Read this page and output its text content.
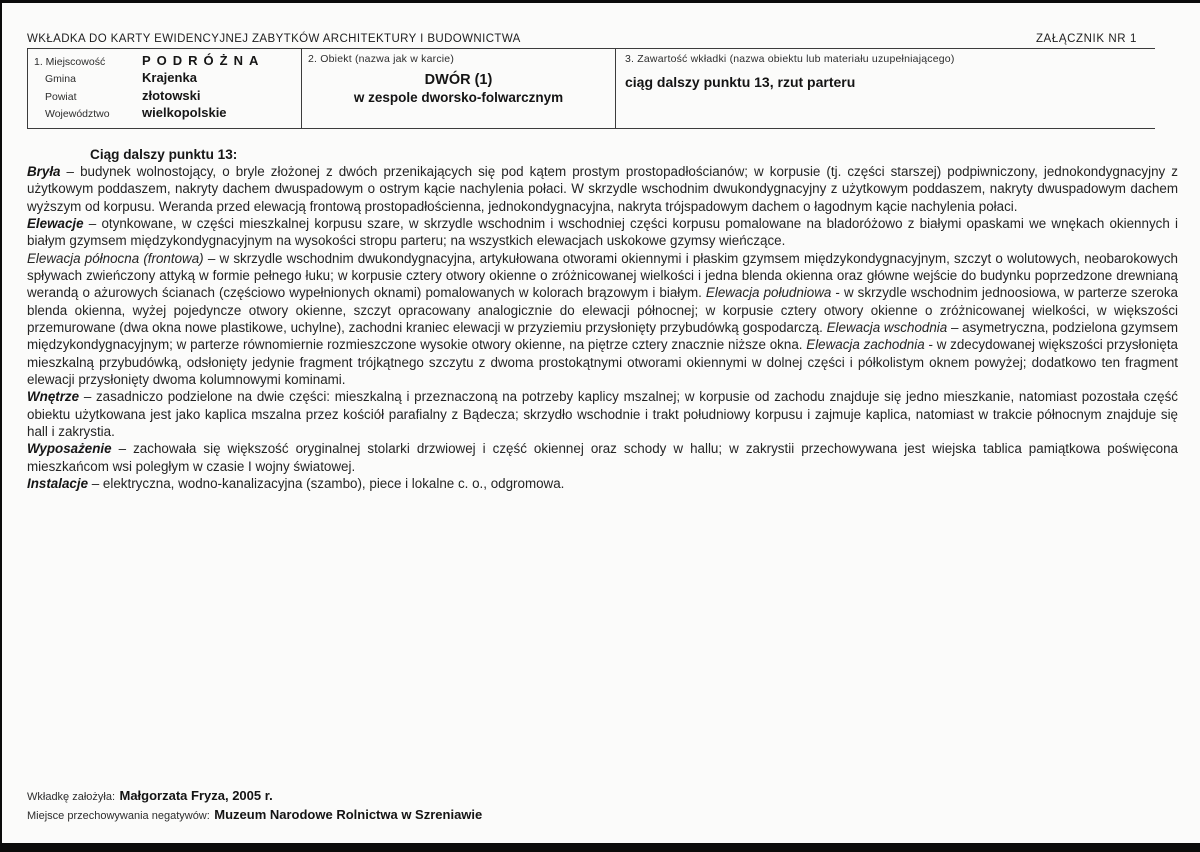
WKŁADKA DO KARTY EWIDENCYJNEJ ZABYTKÓW ARCHITEKTURY I BUDOWNICTWA	ZAŁĄCZNIK NR 1
1. Miejscowość	PODRÓŻNA
Gmina	Krajenka
Powiat	złotowski
Województwo	wielkopolskie
2. Obiekt (nazwa jak w karcie)
DWÓR (1)
w zespole dworsko-folwarcznym
3. Zawartość wkładki (nazwa obiektu lub materiału uzupełniającego)
ciąg dalszy punktu 13, rzut parteru
Ciąg dalszy punktu 13:
Bryła – budynek wolnostojący, o bryle złożonej z dwóch przenikających się pod kątem prostym prostopadłościanów; w korpusie (tj. części starszej) podpiwniczony, jednokondygnacyjny z użytkowym poddaszem, nakryty dachem dwuspadowym o ostrym kącie nachylenia połaci. W skrzydle wschodnim dwukondygnacyjny z użytkowym poddaszem, nakryty dwuspadowym dachem wyższym od korpusu. Weranda przed elewacją frontową prostopadłościenna, jednokondygnacyjna, nakryta trójspadowym dachem o łagodnym kącie nachylenia połaci.
Elewacje – otynkowane, w części mieszkalnej korpusu szare, w skrzydle wschodnim i wschodniej części korpusu pomalowane na bladoróżowo z białymi opaskami we wnękach okiennych i białym gzymsem międzykondygnacyjnym na wysokości stropu parteru; na wszystkich elewacjach uskokowe gzymsy wieńczące.
Elewacja północna (frontowa) – w skrzydle wschodnim dwukondygnacyjna, artykułowana otworami okiennymi i płaskim gzymsem międzykondygnacyjnym, szczyt o wolutowych, neobarokowych spływach zwieńczony attyką w formie pełnego łuku; w korpusie cztery otwory okienne o zróżnicowanej wielkości i jedna blenda okienna oraz główne wejście do budynku poprzedzone drewnianą werandą o ażurowych ścianach (częściowo wypełnionych oknami) pomalowanych w kolorach brązowym i białym. Elewacja południowa - w skrzydle wschodnim jednoosiowa, w parterze szeroka blenda okienna, wyżej pojedyncze otwory okienne, szczyt opracowany analogicznie do elewacji północnej; w korpusie cztery otwory okienne o zróżnicowanej wielkości, w większości przemurowane (dwa okna nowe plastikowe, uchylne), zachodni kraniec elewacji w przyziemiu przysłonięty przybudówką gospodarczą. Elewacja wschodnia – asymetryczna, podzielona gzymsem międzykondygnacyjnym; w parterze równomiernie rozmieszczone wysokie otwory okienne, na piętrze cztery znacznie niższe okna. Elewacja zachodnia - w zdecydowanej większości przysłonięta mieszkalną przybudówką, odsłonięty jedynie fragment trójkątnego szczytu z dwoma prostokątnymi otworami okiennymi w dolnej części i półkolistym oknem powyżej; dodatkowo ten fragment elewacji przysłonięty dwoma kolumnowymi kominami.
Wnętrze – zasadniczo podzielone na dwie części: mieszkalną i przeznaczoną na potrzeby kaplicy mszalnej; w korpusie od zachodu znajduje się jedno mieszkanie, natomiast pozostała część obiektu użytkowana jest jako kaplica mszalna przez kościół parafialny z Bądecza; skrzydło wschodnie i trakt południowy korpusu i zajmuje kaplica, natomiast w trakcie północnym znajduje się hall i zakrystia.
Wyposażenie – zachowała się większość oryginalnej stolarki drzwiowej i część okiennej oraz schody w hallu; w zakrystii przechowywana jest wiejska tablica pamiątkowa poświęcona mieszkańcom wsi poległym w czasie I wojny światowej.
Instalacje – elektryczna, wodno-kanalizacyjna (szambo), piece i lokalne c. o., odgromowa.
Wkładkę założyła: Małgorzata Fryza, 2005 r.
Miejsce przechowywania negatywów: Muzeum Narodowe Rolnictwa w Szreniawie
